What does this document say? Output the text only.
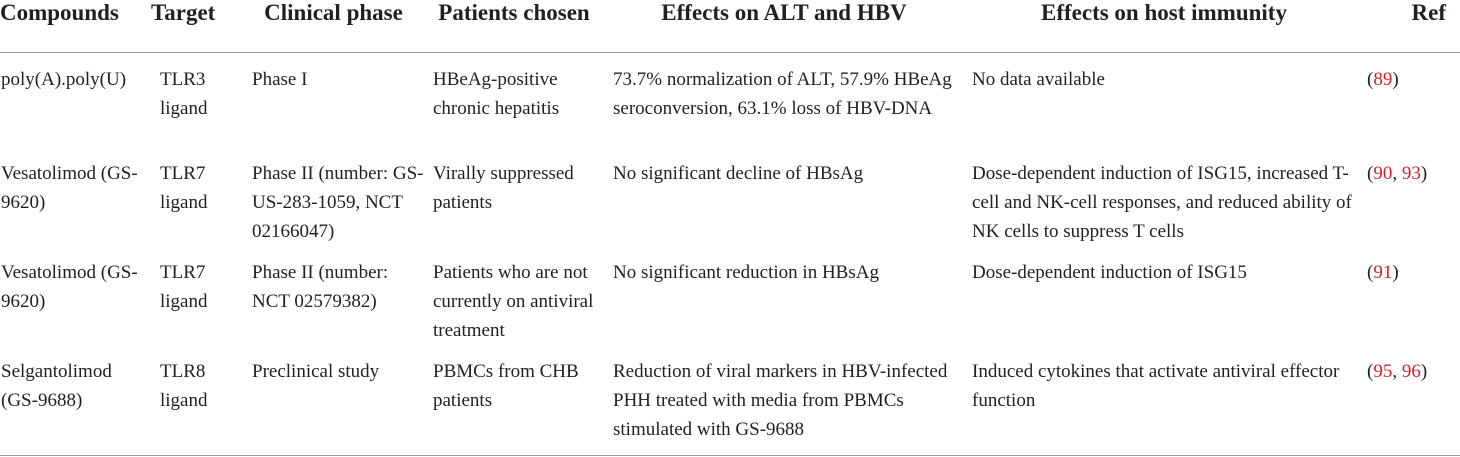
Compounds	Target	Clinical phase	Patients chosen	Effects on ALT and HBV	Effects on host immunity	Ref
poly(A).poly(U)	TLR3 ligand	Phase I	HBeAg-positive chronic hepatitis	73.7% normalization of ALT, 57.9% HBeAg seroconversion, 63.1% loss of HBV-DNA	No data available	(89)
Vesatolimod (GS-9620)	TLR7 ligand	Phase II (number: GS-US-283-1059, NCT 02166047)	Virally suppressed patients	No significant decline of HBsAg	Dose-dependent induction of ISG15, increased T-cell and NK-cell responses, and reduced ability of NK cells to suppress T cells	(90, 93)
Vesatolimod (GS-9620)	TLR7 ligand	Phase II (number: NCT 02579382)	Patients who are not currently on antiviral treatment	No significant reduction in HBsAg	Dose-dependent induction of ISG15	(91)
Selgantolimod (GS-9688)	TLR8 ligand	Preclinical study	PBMCs from CHB patients	Reduction of viral markers in HBV-infected PHH treated with media from PBMCs stimulated with GS-9688	Induced cytokines that activate antiviral effector function	(95, 96)
